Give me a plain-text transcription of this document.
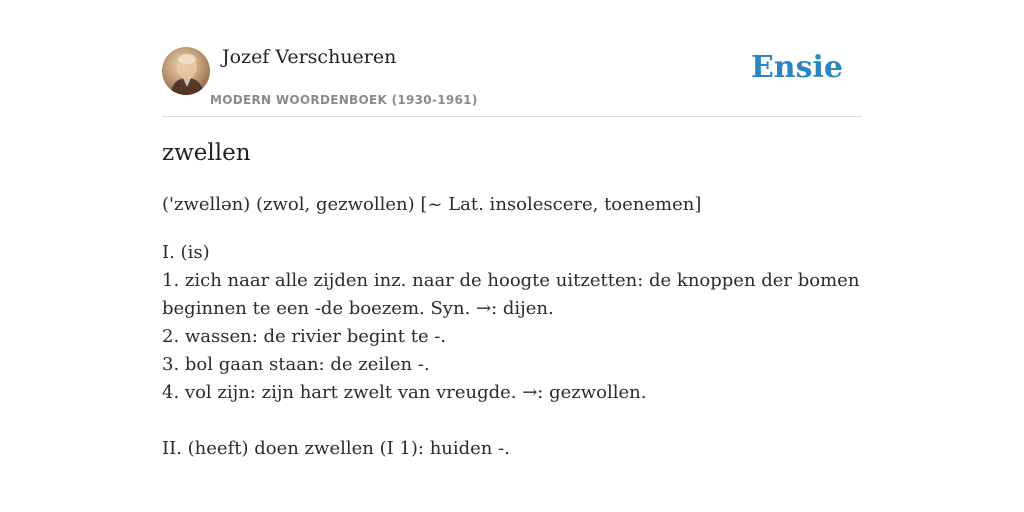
Jozef Verschueren
MODERN WOORDENBOEK (1930-1961)
Ensie
zwellen
('zwellən) (zwol, gezwollen) [~ Lat. insolescere, toenemen]
I. (is)
1. zich naar alle zijden inz. naar de hoogte uitzetten: de knoppen der bomen
beginnen te een -de boezem. Syn. →: dijen.
2. wassen: de rivier begint te -.
3. bol gaan staan: de zeilen -.
4. vol zijn: zijn hart zwelt van vreugde. →: gezwollen.
II. (heeft) doen zwellen (I 1): huiden -.
